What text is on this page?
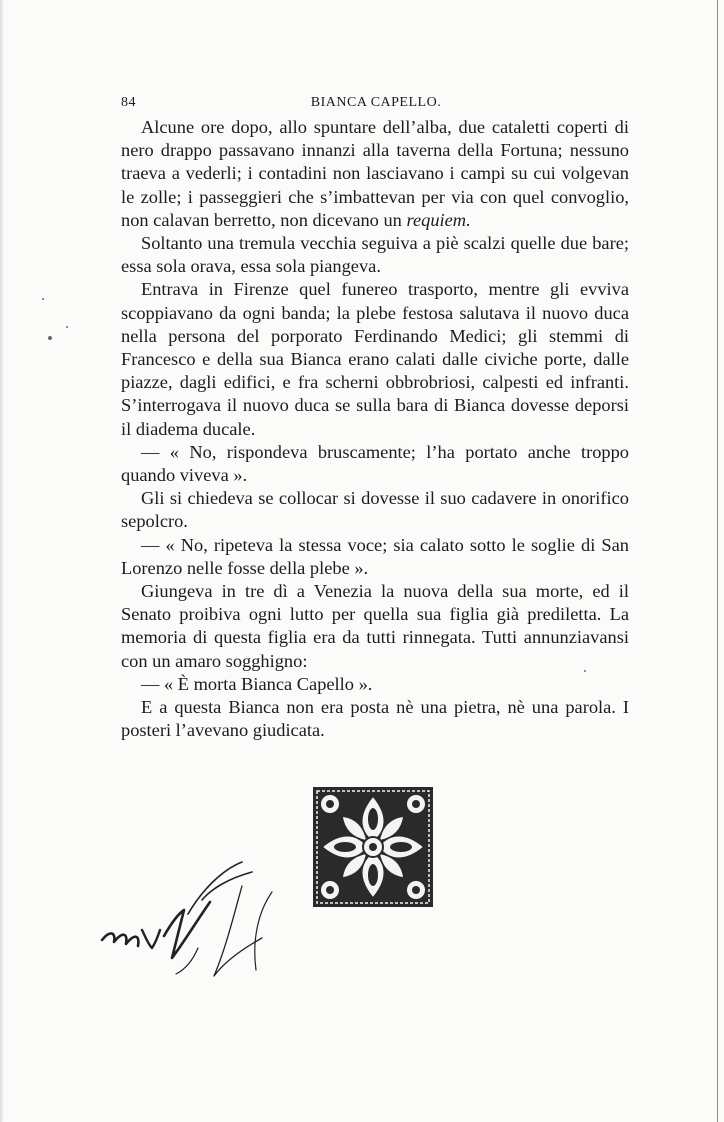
84	BIANCA CAPELLO.

Alcune ore dopo, allo spuntare dell’alba, due cataletti coperti di nero drappo passavano innanzi alla taverna della Fortuna; nessuno traeva a vederli; i contadini non lasciavano i campi su cui volgevan le zolle; i passeggieri che s’imbattevan per via con quel convoglio, non calavan berretto, non dicevano un requiem.

Soltanto una tremula vecchia seguiva a piè scalzi quelle due bare; essa sola orava, essa sola piangeva.

Entrava in Firenze quel funereo trasporto, mentre gli evviva scoppiavano da ogni banda; la plebe festosa salutava il nuovo duca nella persona del porporato Ferdinando Medici; gli stemmi di Francesco e della sua Bianca erano calati dalle civiche porte, dalle piazze, dagli edifici, e fra scherni obbrobriosi, calpesti ed infranti. S’interrogava il nuovo duca se sulla bara di Bianca dovesse deporsi il diadema ducale.

— « No, rispondeva bruscamente; l’ha portato anche troppo quando viveva ».

Gli si chiedeva se collocar si dovesse il suo cadavere in onorifico sepolcro.

— « No, ripeteva la stessa voce; sia calato sotto le soglie di San Lorenzo nelle fosse della plebe ».

Giungeva in tre dì a Venezia la nuova della sua morte, ed il Senato proibiva ogni lutto per quella sua figlia già prediletta. La memoria di questa figlia era da tutti rinnegata. Tutti annunziavansi con un amaro sogghigno:

— « È morta Bianca Capello ».

E a questa Bianca non era posta nè una pietra, nè una parola. I posteri l’avevano giudicata.
